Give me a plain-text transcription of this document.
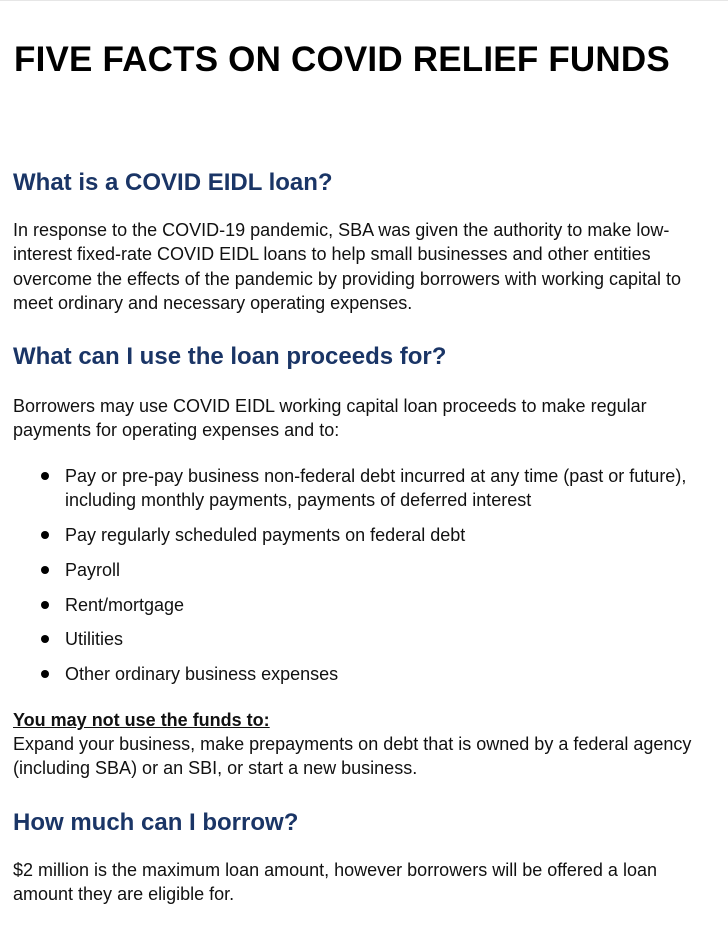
FIVE FACTS ON COVID RELIEF FUNDS
What is a COVID EIDL loan?

In response to the COVID-19 pandemic, SBA was given the authority to make low-interest fixed-rate COVID EIDL loans to help small businesses and other entities overcome the effects of the pandemic by providing borrowers with working capital to meet ordinary and necessary operating expenses.

What can I use the loan proceeds for?

Borrowers may use COVID EIDL working capital loan proceeds to make regular payments for operating expenses and to:

Pay or pre-pay business non-federal debt incurred at any time (past or future), including monthly payments, payments of deferred interest
Pay regularly scheduled payments on federal debt
Payroll
Rent/mortgage
Utilities
Other ordinary business expenses
You may not use the funds to:

Expand your business, make prepayments on debt that is owned by a federal agency (including SBA) or an SBI, or start a new business.

How much can I borrow?

$2 million is the maximum loan amount, however borrowers will be offered a loan amount they are eligible for.
